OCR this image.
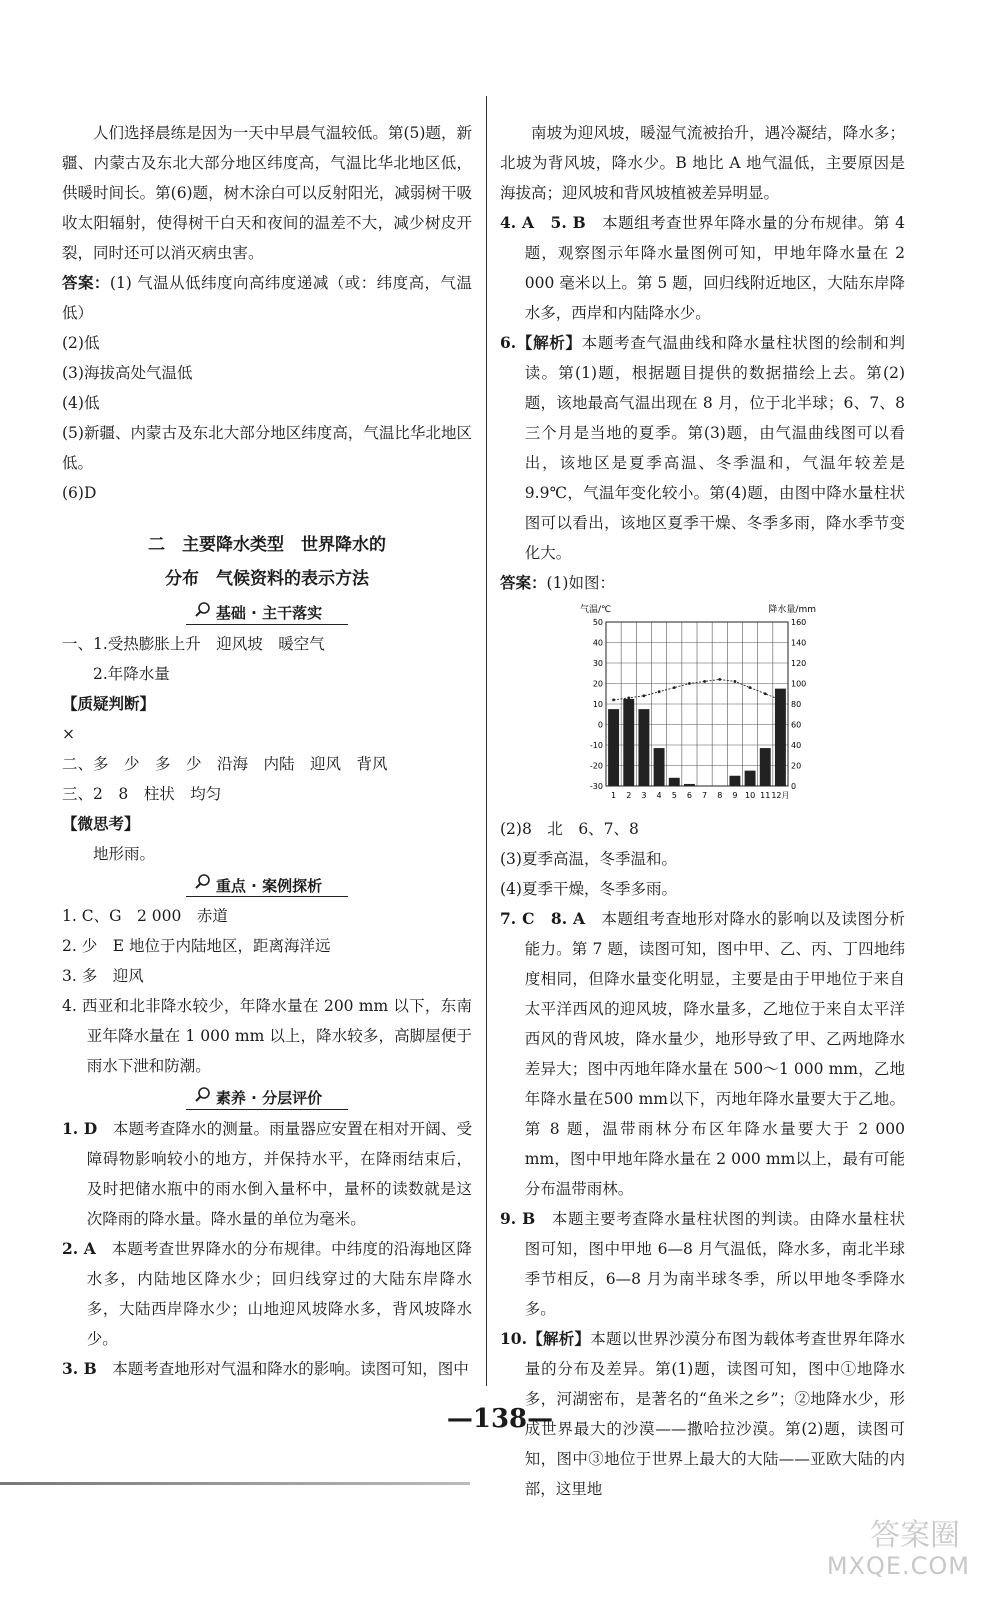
人们选择晨练是因为一天中早晨气温较低。第(5)题，新疆、内蒙古及东北大部分地区纬度高，气温比华北地区低，供暖时间长。第(6)题，树木涂白可以反射阳光，减弱树干吸收太阳辐射，使得树干白天和夜间的温差不大，减少树皮开裂，同时还可以消灭病虫害。

答案：(1) 气温从低纬度向高纬度递减（或：纬度高，气温低）

(2)低

(3)海拔高处气温低

(4)低

(5)新疆、内蒙古及东北大部分地区纬度高，气温比华北地区低。

(6)D

二　主要降水类型　世界降水的
分布　气候资料的表示方法
基础 · 主干落实

一、1.受热膨胀上升　迎风坡　暖空气

2.年降水量

【质疑判断】

×

二、多　少　多　少　沿海　内陆　迎风　背风

三、2　8　柱状　均匀

【微思考】

地形雨。

重点 · 案例探析

1. C、G　2 000　赤道

2. 少　E 地位于内陆地区，距离海洋远

3. 多　迎风

4. 西亚和北非降水较少，年降水量在 200 mm 以下，东南亚年降水量在 1 000 mm 以上，降水较多，高脚屋便于雨水下泄和防潮。

素养 · 分层评价

1. D　 本题考查降水的测量。雨量器应安置在相对开阔、受障碍物影响较小的地方，并保持水平，在降雨结束后，及时把储水瓶中的雨水倒入量杯中，量杯的读数就是这次降雨的降水量。降水量的单位为毫米。

2. A　 本题考查世界降水的分布规律。中纬度的沿海地区降水多，内陆地区降水少；回归线穿过的大陆东岸降水多，大陆西岸降水少；山地迎风坡降水多，背风坡降水少。

3. B　 本题考查地形对气温和降水的影响。读图可知，图中

南坡为迎风坡，暖湿气流被抬升，遇冷凝结，降水多；北坡为背风坡，降水少。B 地比 A 地气温低，主要原因是海拔高；迎风坡和背风坡植被差异明显。

4. A　5. B　 本题组考查世界年降水量的分布规律。第 4 题，观察图示年降水量图例可知，甲地年降水量在 2 000 毫米以上。第 5 题，回归线附近地区，大陆东岸降水多，西岸和内陆降水少。

6.【解析】本题考查气温曲线和降水量柱状图的绘制和判读。第(1)题，根据题目提供的数据描绘上去。第(2)题，该地最高气温出现在 8 月，位于北半球；6、7、8 三个月是当地的夏季。第(3)题，由气温曲线图可以看出，该地区是夏季高温、冬季温和，气温年较差是 9.9℃，气温年变化较小。第(4)题，由图中降水量柱状图可以看出，该地区夏季干燥、冬季多雨，降水季节变化大。

答案：(1)如图：

气温/℃	降水量/mm
50	160
40	140
30	120
20	100
10	80
0	60
-10	40
-20	20
-30	0
1 2 3 4 5 6 7 8 9 10 11 12月

(2)8　北　6、7、8

(3)夏季高温，冬季温和。

(4)夏季干燥，冬季多雨。

7. C　8. A　 本题组考查地形对降水的影响以及读图分析能力。第 7 题，读图可知，图中甲、乙、丙、丁四地纬度相同，但降水量变化明显，主要是由于甲地位于来自太平洋西风的迎风坡，降水量多，乙地位于来自太平洋西风的背风坡，降水量少，地形导致了甲、乙两地降水差异大；图中丙地年降水量在 500～1 000 mm，乙地年降水量在500 mm以下，丙地年降水量要大于乙地。第 8 题，温带雨林分布区年降水量要大于 2 000 mm，图中甲地年降水量在 2 000 mm以上，最有可能分布温带雨林。

9. B　 本题主要考查降水量柱状图的判读。由降水量柱状图可知，图中甲地 6—8 月气温低，降水多，南北半球季节相反，6—8 月为南半球冬季，所以甲地冬季降水多。

10.【解析】本题以世界沙漠分布图为载体考查世界年降水量的分布及差异。第(1)题，读图可知，图中①地降水多，河湖密布，是著名的“鱼米之乡”；②地降水少，形成世界最大的沙漠——撒哈拉沙漠。第(2)题，读图可知，图中③地位于世界上最大的大陆——亚欧大陆的内部，这里地

—138—
答案圈
MXQE.COM
